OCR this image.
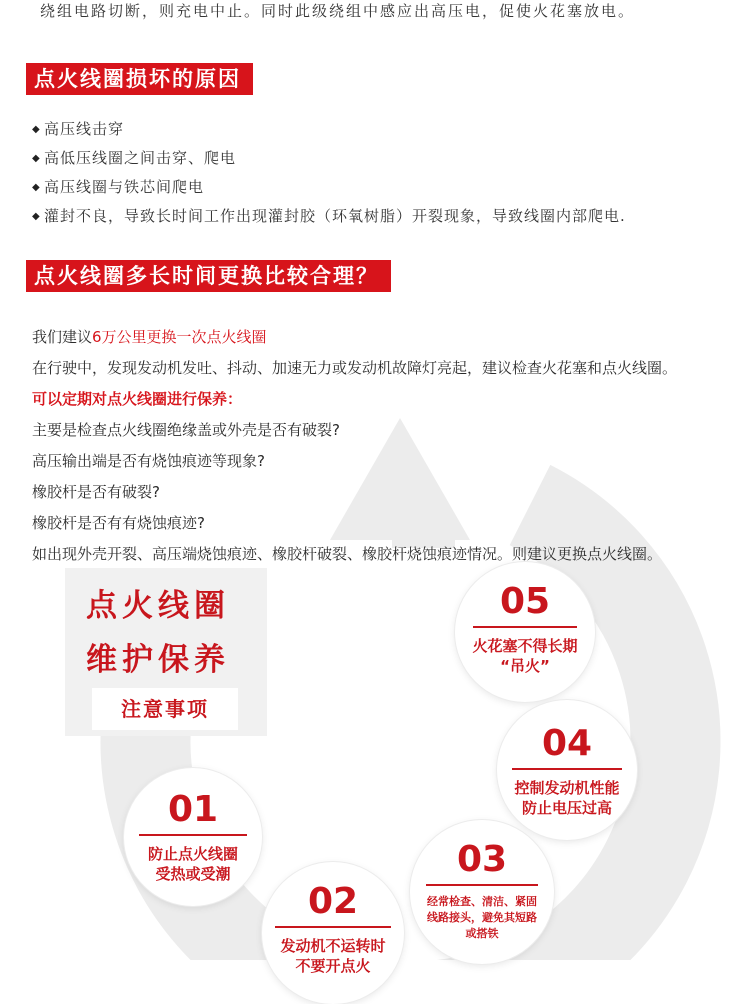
绕组电路切断，则充电中止。同时此级绕组中感应出高压电，促使火花塞放电。
点火线圈损坏的原因
◆ 高压线击穿
◆ 高低压线圈之间击穿、爬电
◆ 高压线圈与铁芯间爬电
◆ 灌封不良，导致长时间工作出现灌封胶（环氧树脂）开裂现象，导致线圈内部爬电.
点火线圈多长时间更换比较合理？
点火线圈
维护保养
注意事项
05
火花塞不得长期
“吊火”
04
控制发动机性能
防止电压过高
03
经常检查、清洁、紧固
线路接头，避免其短路
或搭铁
01
防止点火线圈
受热或受潮
02
发动机不运转时
不要开点火
我们建议6万公里更换一次点火线圈
在行驶中，发现发动机发吐、抖动、加速无力或发动机故障灯亮起，建议检查火花塞和点火线圈。
可以定期对点火线圈进行保养：
主要是检查点火线圈绝缘盖或外壳是否有破裂?
高压输出端是否有烧蚀痕迹等现象?
橡胶杆是否有破裂?
橡胶杆是否有有烧蚀痕迹?
如出现外壳开裂、高压端烧蚀痕迹、橡胶杆破裂、橡胶杆烧蚀痕迹情况。则建议更换点火线圈。
